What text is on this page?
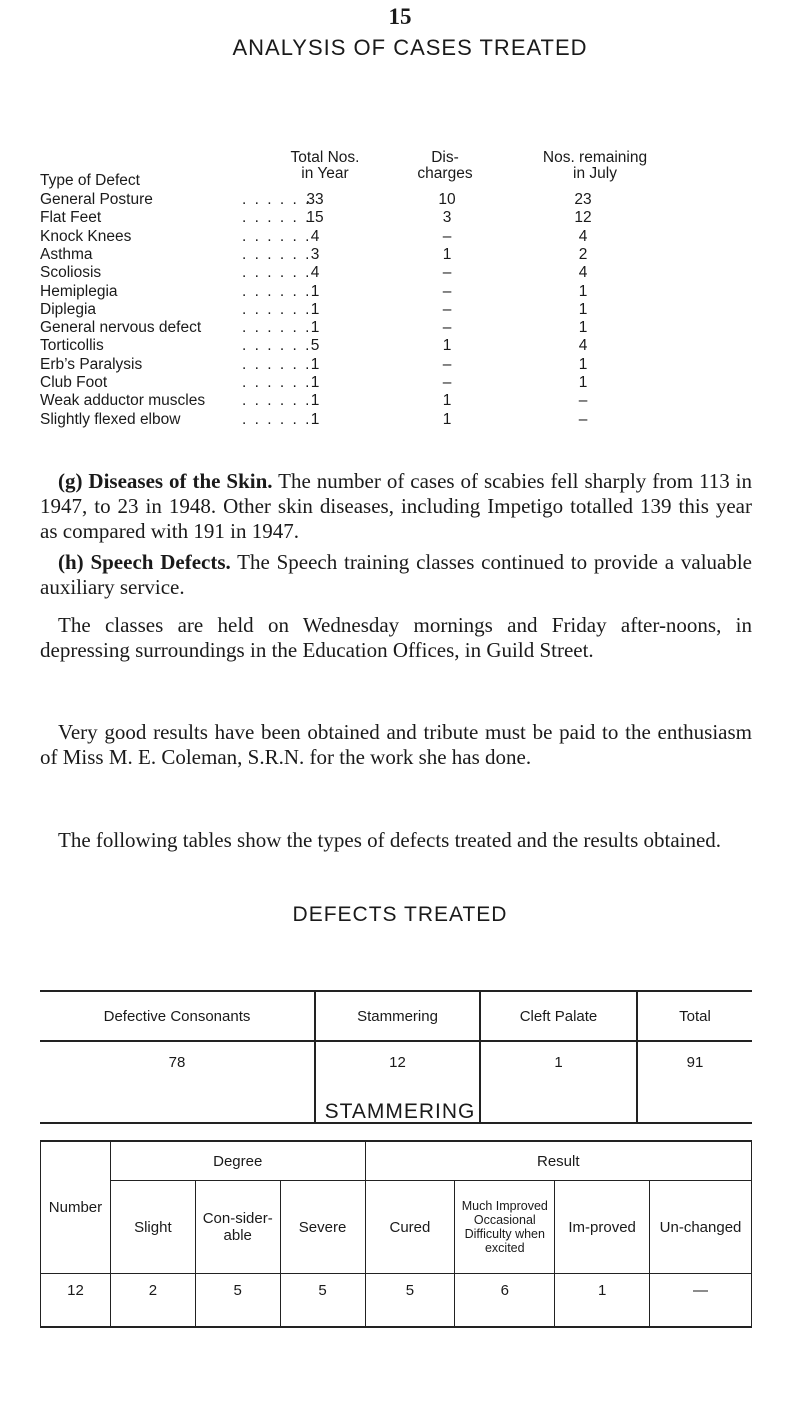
15
ANALYSIS OF CASES TREATED
Type of Defect
Total Nos.
in Year
Dis-
charges
Nos. remaining
in July
General Posture	33	10	23
. . . . . .
Flat Feet	15	3	12
. . . . . .
Knock Knees	4	–	4
. . . . . .
Asthma	3	1	2
. . . . . .
Scoliosis	4	–	4
. . . . . .
Hemiplegia	1	–	1
. . . . . .
Diplegia	1	–	1
. . . . . .
General nervous defect	1	–	1
. . . . . .
Torticollis	5	1	4
. . . . . .
Erb’s Paralysis	1	–	1
. . . . . .
Club Foot	1	–	1
. . . . . .
Weak adductor muscles	1	1	–
. . . . . .
Slightly flexed elbow	1	1	–
. . . . . .

(g) Diseases of the Skin. The number of cases of scabies fell sharply from 113 in 1947, to 23 in 1948. Other skin diseases, including Impetigo totalled 139 this year as compared with 191 in 1947.

(h) Speech Defects. The Speech training classes continued to provide a valuable auxiliary service.

The classes are held on Wednesday mornings and Friday after-noons, in depressing surroundings in the Education Offices, in Guild Street.

Very good results have been obtained and tribute must be paid to the enthusiasm of Miss M. E. Coleman, S.R.N. for the work she has done.

The following tables show the types of defects treated and the results obtained.

DEFECTS TREATED
Defective Consonants	Stammering	Cleft Palate	Total
78	12	1	91
STAMMERING
Number	Degree			Result			
	Slight	Con-sider-able	Severe	Cured	Much Improved Occasional Difficulty when excited	Im-proved	Un-changed
12	2	5	5	5	6	1	—
